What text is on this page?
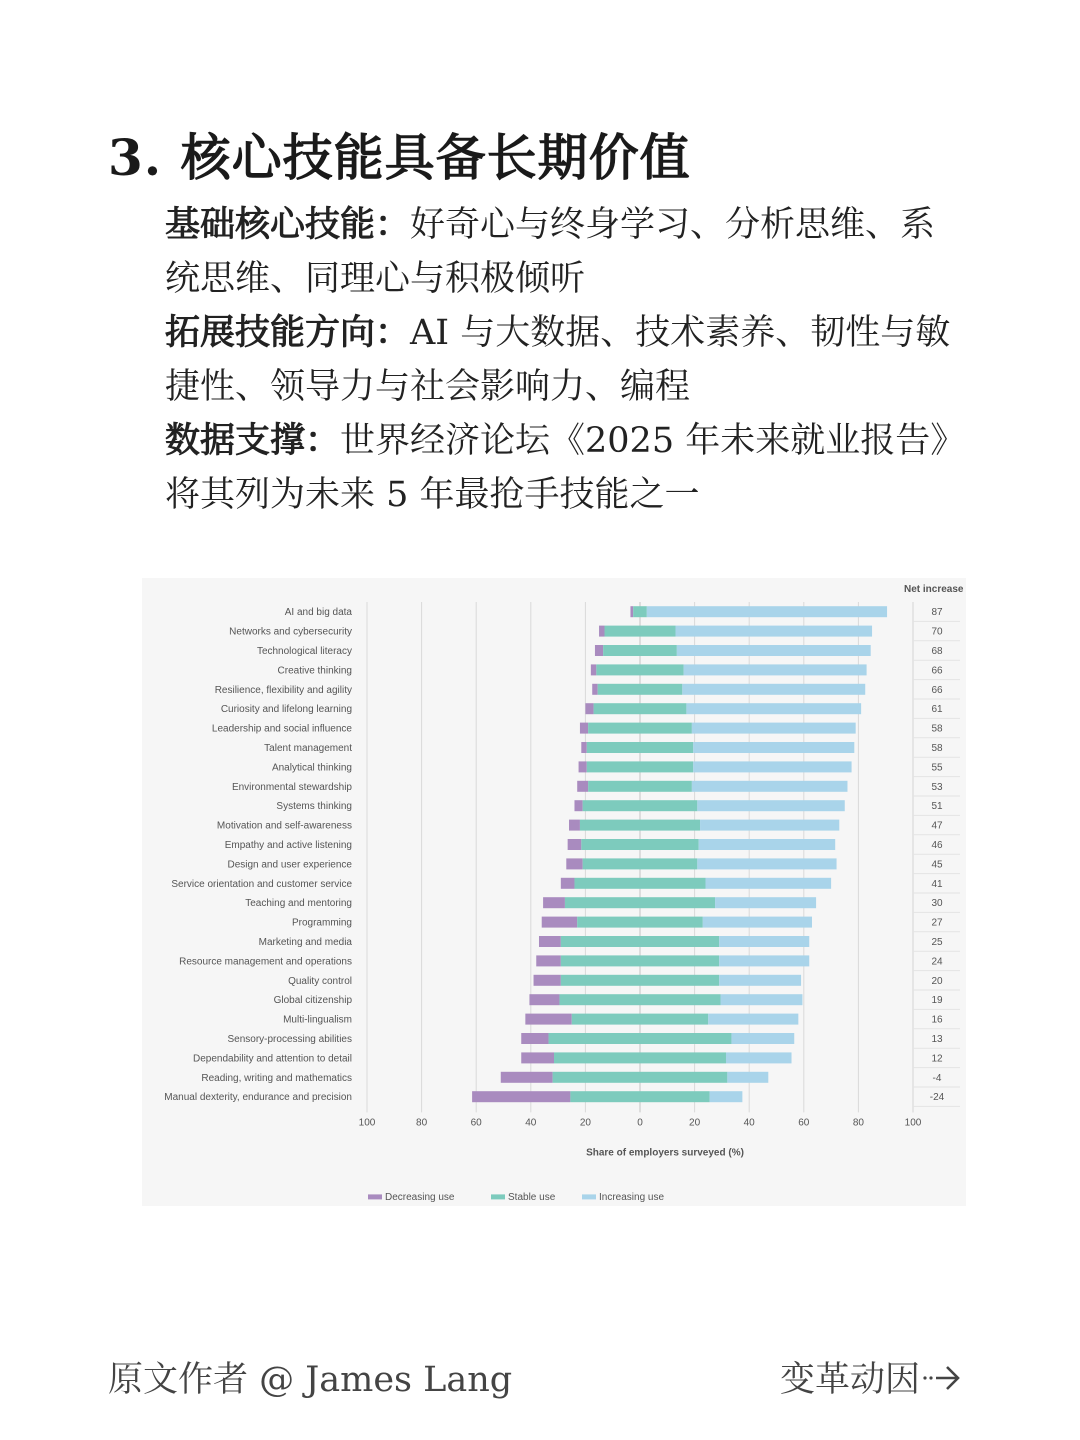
3. 核心技能具备长期价值

基础核心技能：好奇心与终身学习、分析思维、系统思维、同理心与积极倾听

拓展技能方向：AI 与大数据、技术素养、韧性与敏捷性、领导力与社会影响力、编程

数据支撑：世界经济论坛《2025 年未来就业报告》将其列为未来 5 年最抢手技能之一

Net increase
AI and big data	87
Networks and cybersecurity	70
Technological literacy	68
Creative thinking	66
Resilience, flexibility and agility	66
Curiosity and lifelong learning	61
Leadership and social influence	58
Talent management	58
Analytical thinking	55
Environmental stewardship	53
Systems thinking	51
Motivation and self-awareness	47
Empathy and active listening	46
Design and user experience	45
Service orientation and customer service	41
Teaching and mentoring	30
Programming	27
Marketing and media	25
Resource management and operations	24
Quality control	20
Global citizenship	19
Multi-lingualism	16
Sensory-processing abilities	13
Dependability and attention to detail	12
Reading, writing and mathematics	-4
Manual dexterity, endurance and precision	-24
100	80	60	40	20	0	20	40	60	80	100
Share of employers surveyed (%)
Decreasing use	Stable use	Increasing use
原文作者 @ James Lang	变革动因
